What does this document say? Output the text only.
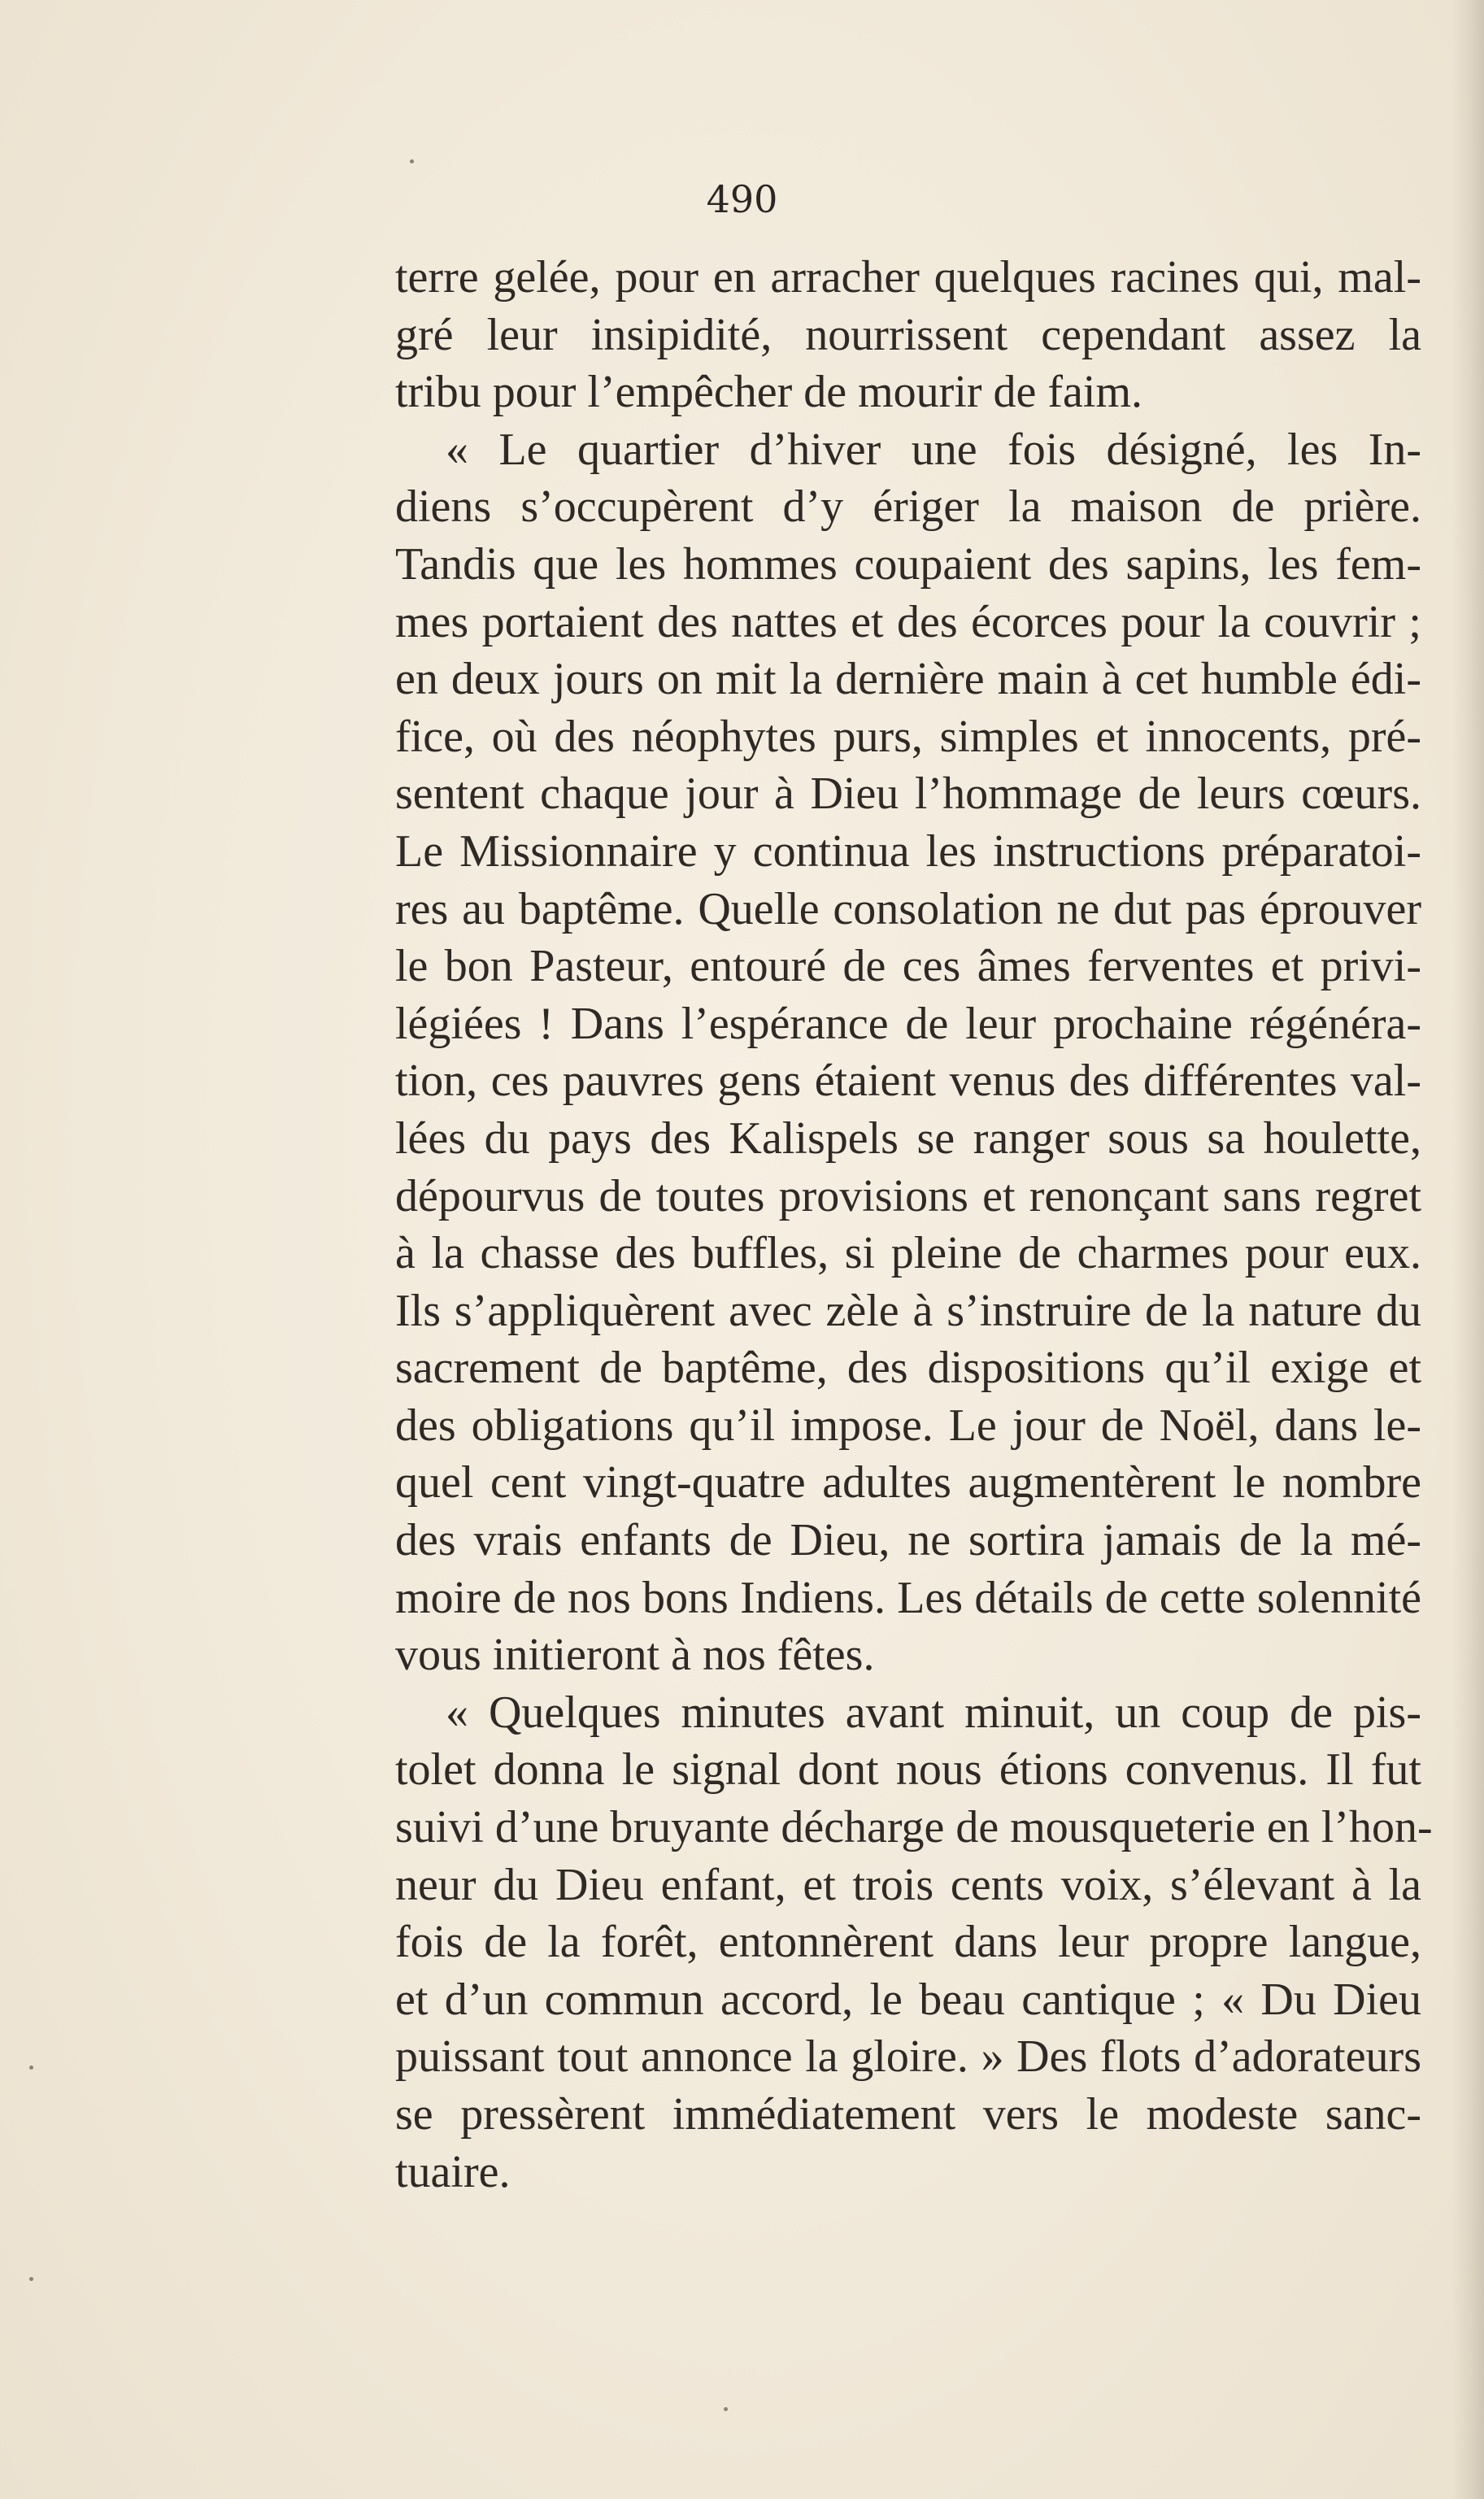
490
terre gelée, pour en arracher quelques racines qui, mal-
gré leur insipidité, nourrissent cependant assez la
tribu pour l’empêcher de mourir de faim.
« Le quartier d’hiver une fois désigné, les In-
diens s’occupèrent d’y ériger la maison de prière.
Tandis que les hommes coupaient des sapins, les fem-
mes portaient des nattes et des écorces pour la couvrir ;
en deux jours on mit la dernière main à cet humble édi-
fice, où des néophytes purs, simples et innocents, pré-
sentent chaque jour à Dieu l’hommage de leurs cœurs.
Le Missionnaire y continua les instructions préparatoi-
res au baptême. Quelle consolation ne dut pas éprouver
le bon Pasteur, entouré de ces âmes ferventes et privi-
légiées ! Dans l’espérance de leur prochaine régénéra-
tion, ces pauvres gens étaient venus des différentes val-
lées du pays des Kalispels se ranger sous sa houlette,
dépourvus de toutes provisions et renonçant sans regret
à la chasse des buffles, si pleine de charmes pour eux.
Ils s’appliquèrent avec zèle à s’instruire de la nature du
sacrement de baptême, des dispositions qu’il exige et
des obligations qu’il impose. Le jour de Noël, dans le-
quel cent vingt-quatre adultes augmentèrent le nombre
des vrais enfants de Dieu, ne sortira jamais de la mé-
moire de nos bons Indiens. Les détails de cette solennité
vous initieront à nos fêtes.
« Quelques minutes avant minuit, un coup de pis-
tolet donna le signal dont nous étions convenus. Il fut
suivi d’une bruyante décharge de mousqueterie en l’hon-
neur du Dieu enfant, et trois cents voix, s’élevant à la
fois de la forêt, entonnèrent dans leur propre langue,
et d’un commun accord, le beau cantique ; « Du Dieu
puissant tout annonce la gloire. » Des flots d’adorateurs
se pressèrent immédiatement vers le modeste sanc-
tuaire.
